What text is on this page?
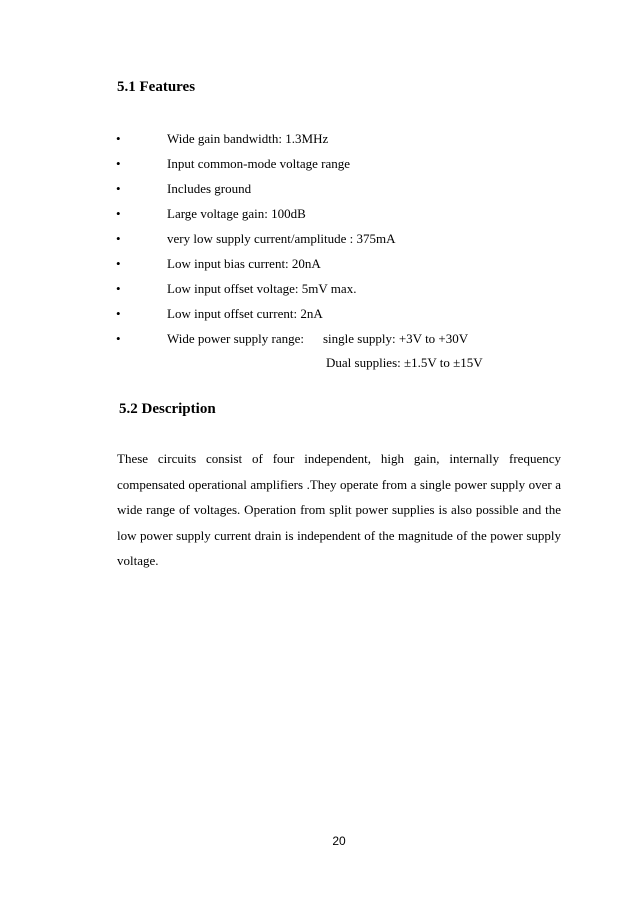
5.1 Features
•	Wide gain bandwidth: 1.3MHz
•	Input common-mode voltage range
•	Includes ground
•	Large voltage gain: 100dB
•	very low supply current/amplitude : 375mA
•	Low input bias current: 20nA
•	Low input offset voltage: 5mV max.
•	Low input offset current: 2nA
•	Wide power supply range: single supply: +3V to +30V
Dual supplies: ±1.5V to ±15V
5.2 Description

These circuits consist of four independent, high gain, internally frequency compensated operational amplifiers .They operate from a single power supply over a wide range of voltages. Operation from split power supplies is also possible and the low power supply current drain is independent of the magnitude of the power supply voltage.

20
